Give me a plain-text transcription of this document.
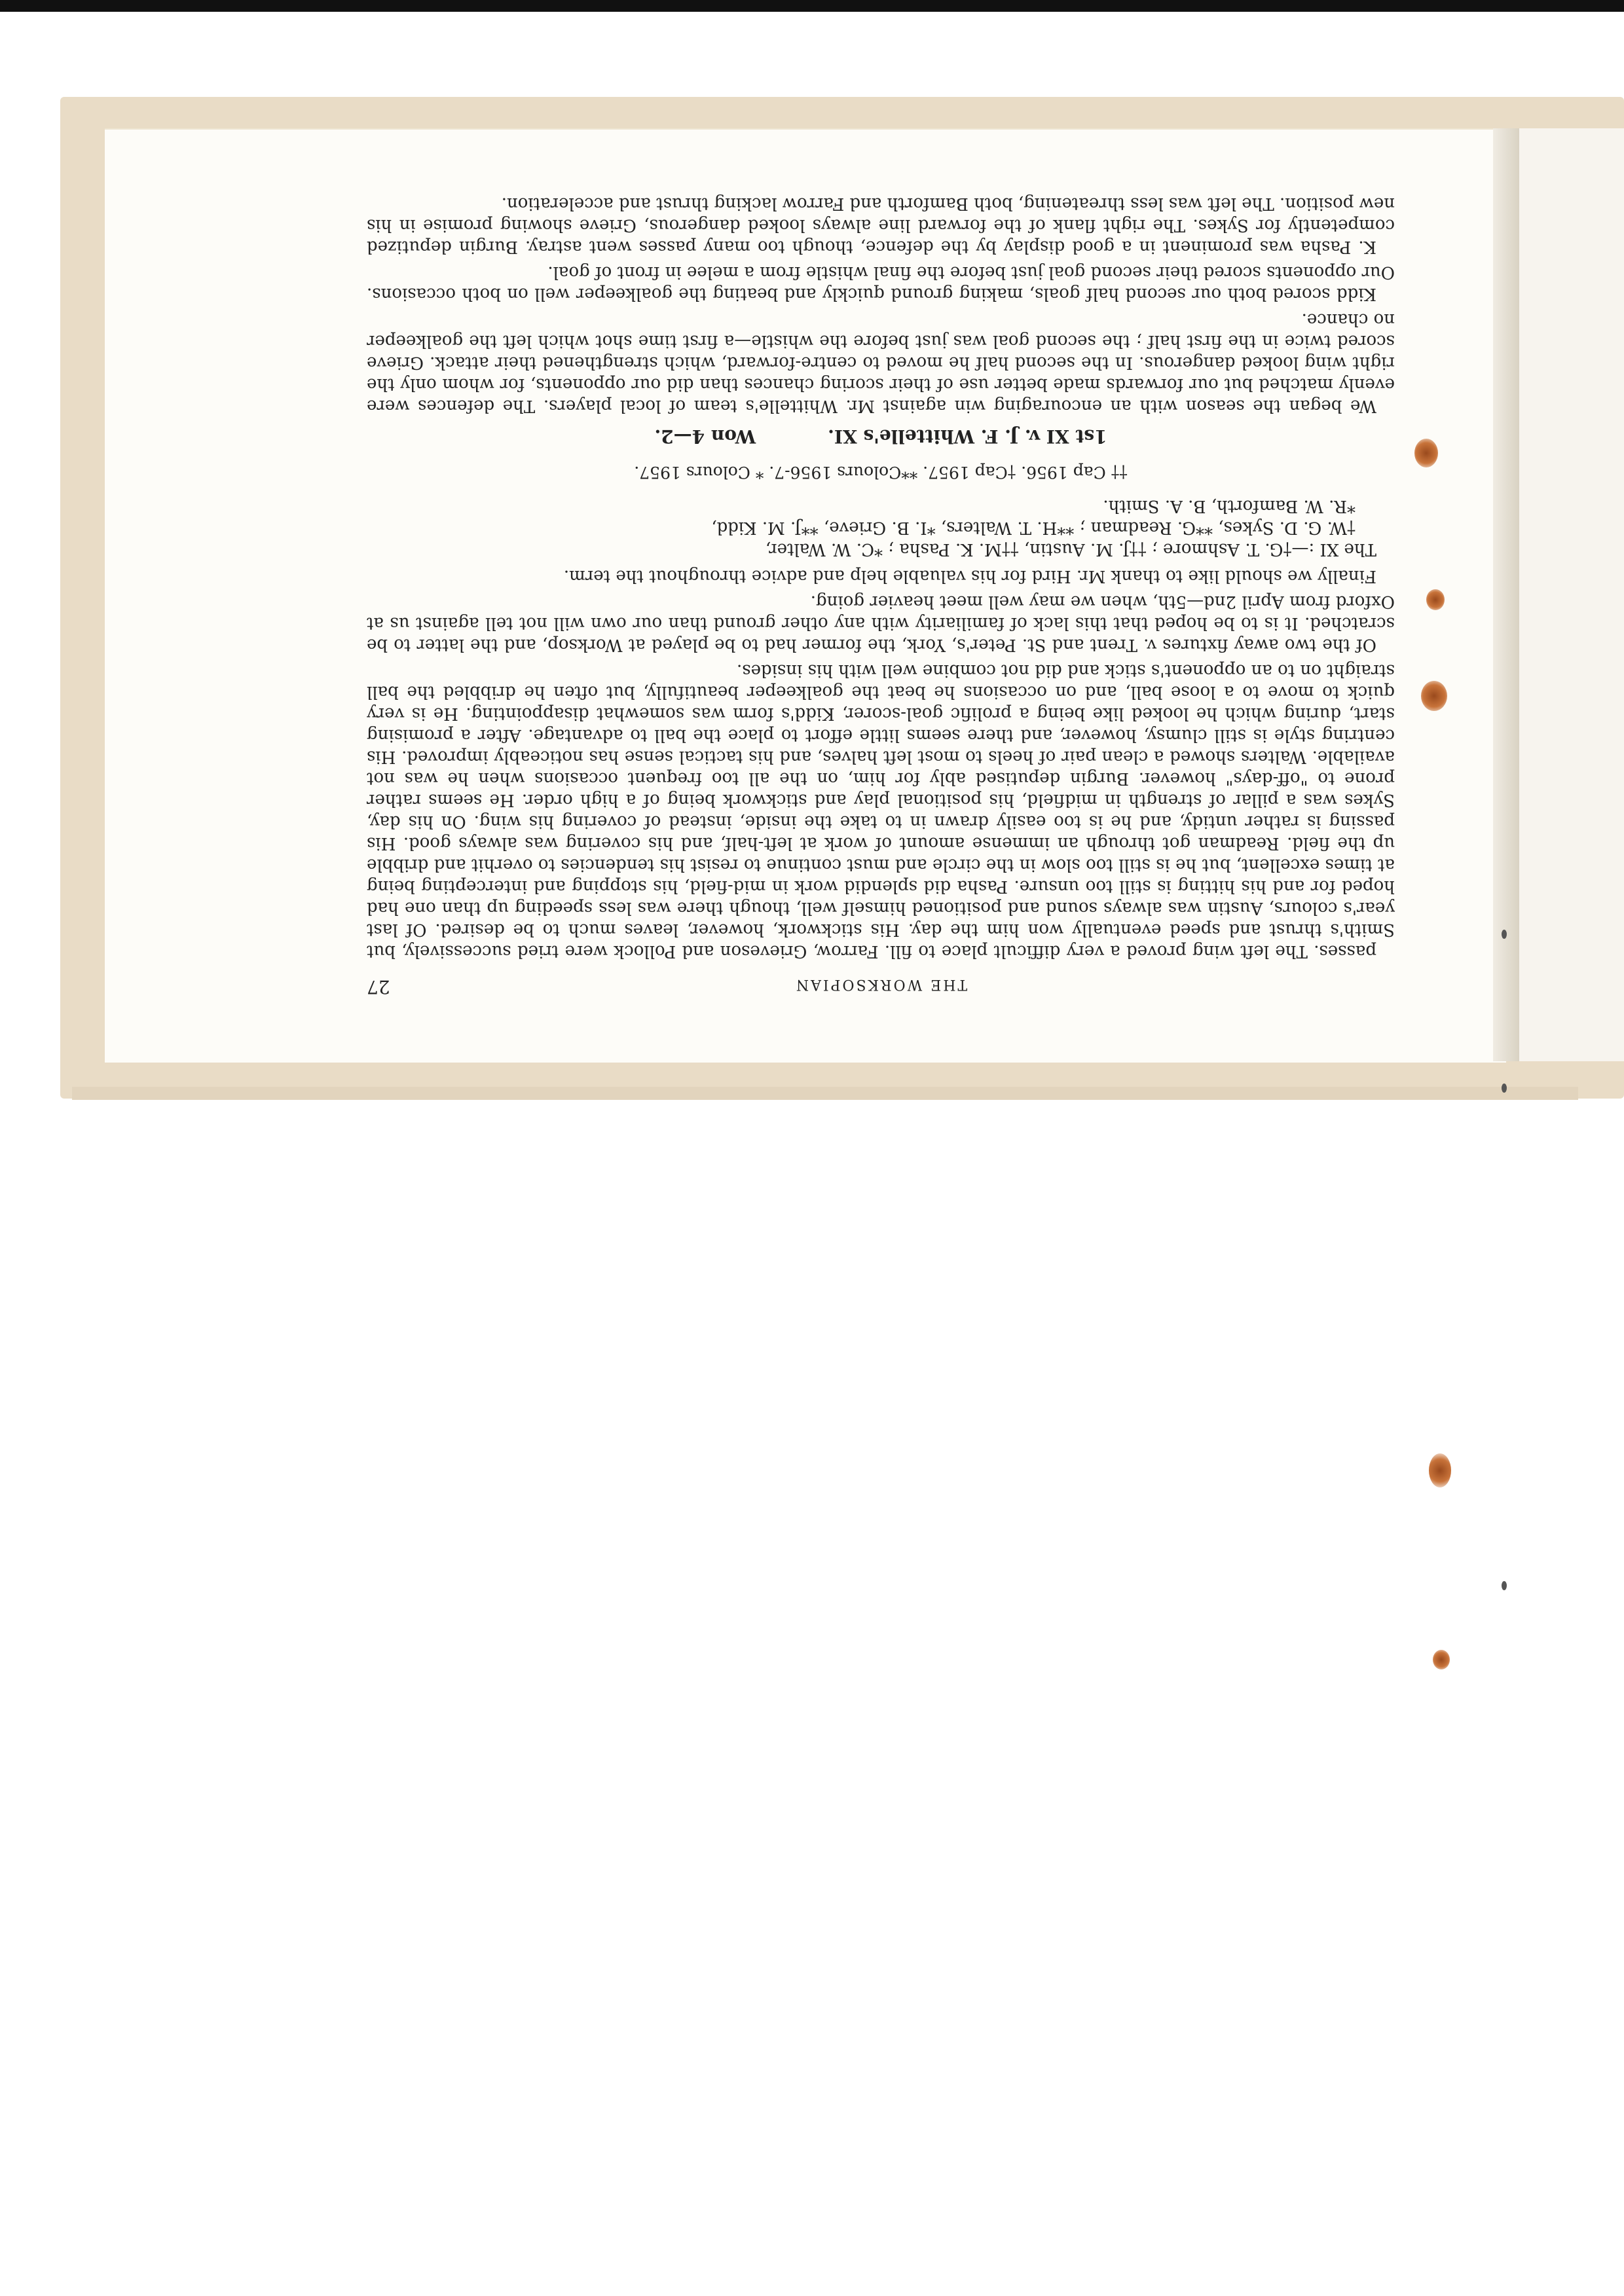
THE WORKSOPIAN
27

passes. The left wing proved a very difficult place to fill. Farrow, Grieveson and Pollock were tried successively, but Smith's thrust and speed eventually won him the day. His stickwork, however, leaves much to be desired. Of last year's colours, Austin was always sound and positioned himself well, though there was less speeding up than one had hoped for and his hitting is still too unsure. Pasha did splendid work in mid-field, his stopping and intercepting being at times excellent, but he is still too slow in the circle and must continue to resist his tendencies to overhit and dribble up the field. Readman got through an immense amount of work at left-half, and his covering was always good. His passing is rather untidy, and he is too easily drawn in to take the inside, instead of covering his wing. On his day, Sykes was a pillar of strength in midfield, his positional play and stickwork being of a high order. He seems rather prone to "off-days" however. Burgin deputised ably for him, on the all too frequent occasions when he was not available. Walters showed a clean pair of heels to most left halves, and his tactical sense has noticeably improved. His centring style is still clumsy, however, and there seems little effort to place the ball to advantage. After a promising start, during which he looked like being a prolific goal-scorer, Kidd's form was somewhat disappointing. He is very quick to move to a loose ball, and on occasions he beat the goalkeeper beautifully, but often he dribbled the ball straight on to an opponent's stick and did not combine well with his insides.

Of the two away fixtures v. Trent and St. Peter's, York, the former had to be played at Worksop, and the latter to be scratched. It is to be hoped that this lack of familiarity with any other ground than our own will not tell against us at Oxford from April 2nd—5th, when we may well meet heavier going.

Finally we should like to thank Mr. Hird for his valuable help and advice throughout the term.

The XI :—†G. T. Ashmore ; ††J. M. Austin, ††M. K. Pasha ; *C. W. Walter,

†W. G. D. Sykes, **G. Readman ; **H. T. Walters, *I. B. Grieve, **J. M. Kidd,

*R. W. Bamforth, B. A. Smith.

†† Cap 1956. †Cap 1957. **Colours 1956-7. * Colours 1957.
1st XI v. J. F. Whittelle's XI.
Won 4—2.

We began the season with an encouraging win against Mr. Whittelle's team of local players. The defences were evenly matched but our forwards made better use of their scoring chances than did our opponents, for whom only the right wing looked dangerous. In the second half he moved to centre-forward, which strengthened their attack. Grieve scored twice in the first half ; the second goal was just before the whistle—a first time shot which left the goalkeeper no chance.

Kidd scored both our second half goals, making ground quickly and beating the goalkeeper well on both occasions. Our opponents scored their second goal just before the final whistle from a melee in front of goal.

K. Pasha was prominent in a good display by the defence, though too many passes went astray. Burgin deputized competently for Sykes. The right flank of the forward line always looked dangerous, Grieve showing promise in his new position. The left was less threatening, both Bamforth and Farrow lacking thrust and acceleration.
